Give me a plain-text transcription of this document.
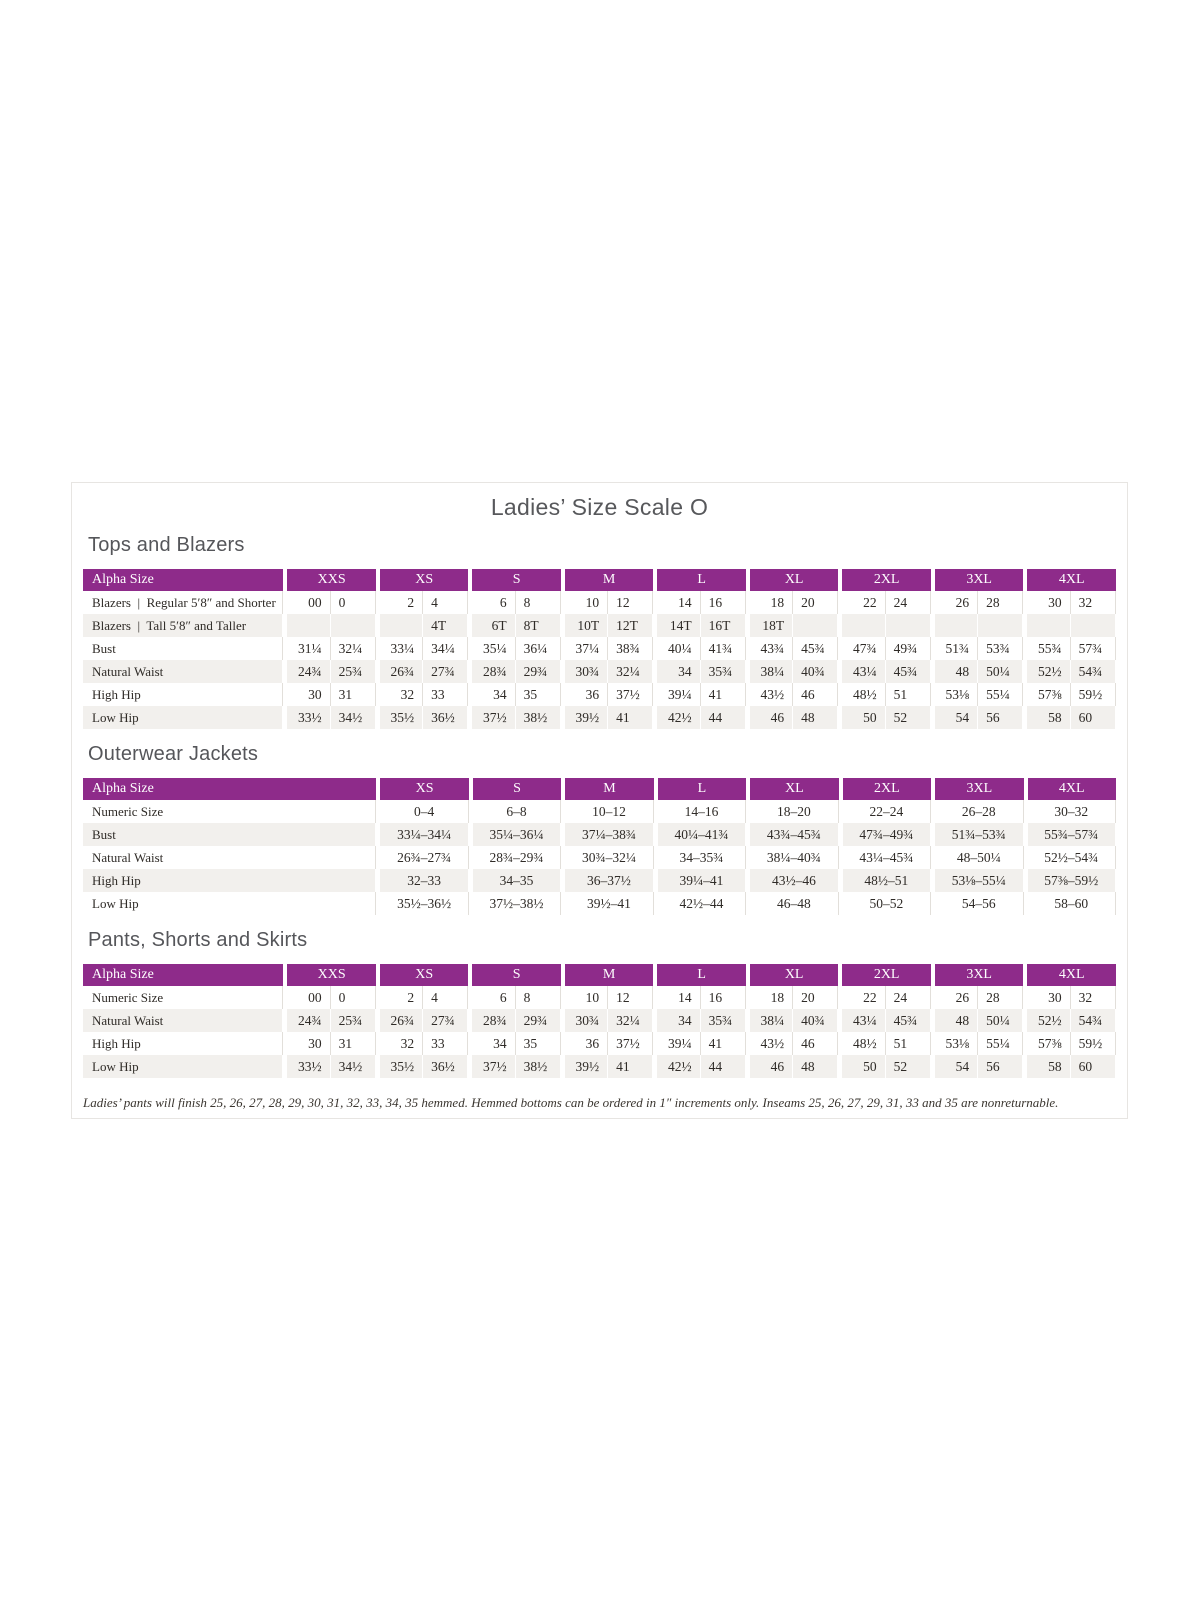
Ladies’ Size Scale O
Tops and Blazers
Alpha Size	XXS		XS		S		M		L		XL		2XL		3XL		4XL	
Blazers  |  Regular 5′8″ and Shorter	00	0	2	4	6	8	10	12	14	16	18	20	22	24	26	28	30	32
Blazers  |  Tall 5′8″ and Taller				4T	6T	8T	10T	12T	14T	16T	18T							
Bust	31¼	32¼	33¼	34¼	35¼	36¼	37¼	38¾	40¼	41¾	43¾	45¾	47¾	49¾	51¾	53¾	55¾	57¾
Natural Waist	24¾	25¾	26¾	27¾	28¾	29¾	30¾	32¼	34	35¾	38¼	40¾	43¼	45¾	48	50¼	52½	54¾
High Hip	30	31	32	33	34	35	36	37½	39¼	41	43½	46	48½	51	53⅛	55¼	57⅜	59½
Low Hip	33½	34½	35½	36½	37½	38½	39½	41	42½	44	46	48	50	52	54	56	58	60
Outerwear Jackets
Alpha Size	XS	S	M	L	XL	2XL	3XL	4XL
Numeric Size	0–4	6–8	10–12	14–16	18–20	22–24	26–28	30–32
Bust	33¼–34¼	35¼–36¼	37¼–38¾	40¼–41¾	43¾–45¾	47¾–49¾	51¾–53¾	55¾–57¾
Natural Waist	26¾–27¾	28¾–29¾	30¾–32¼	34–35¾	38¼–40¾	43¼–45¾	48–50¼	52½–54¾
High Hip	32–33	34–35	36–37½	39¼–41	43½–46	48½–51	53⅛–55¼	57⅜–59½
Low Hip	35½–36½	37½–38½	39½–41	42½–44	46–48	50–52	54–56	58–60
Pants, Shorts and Skirts
Alpha Size	XXS		XS		S		M		L		XL		2XL		3XL		4XL	
Numeric Size	00	0	2	4	6	8	10	12	14	16	18	20	22	24	26	28	30	32
Natural Waist	24¾	25¾	26¾	27¾	28¾	29¾	30¾	32¼	34	35¾	38¼	40¾	43¼	45¾	48	50¼	52½	54¾
High Hip	30	31	32	33	34	35	36	37½	39¼	41	43½	46	48½	51	53⅛	55¼	57⅜	59½
Low Hip	33½	34½	35½	36½	37½	38½	39½	41	42½	44	46	48	50	52	54	56	58	60
Ladies’ pants will finish 25, 26, 27, 28, 29, 30, 31, 32, 33, 34, 35 hemmed. Hemmed bottoms can be ordered in 1″ increments only. Inseams 25, 26, 27, 29, 31, 33 and 35 are nonreturnable.
